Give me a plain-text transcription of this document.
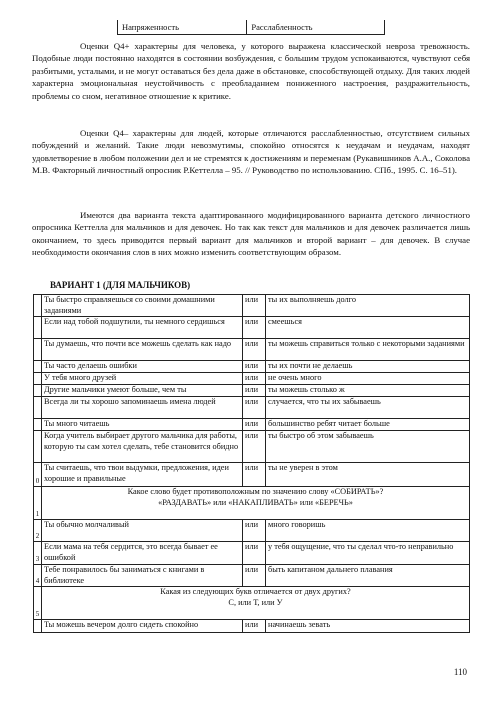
Напряженность	Расслабленность

Оценки Q4+ характерны для человека, у которого выражена классической невроза тревожность. Подобные люди постоянно находятся в состоянии возбуждения, с большим трудом успокаиваются, чувствуют себя разбитыми, усталыми, и не могут оставаться без дела даже в обстановке, способствующей отдыху. Для таких людей характерна эмоциональная неустойчивость с преобладанием пониженного настроения, раздражительность, проблемы со сном, негативное отношение к критике.

Оценки Q4– характерны для людей, которые отличаются расслабленностью, отсутствием сильных побуждений и желаний. Такие люди невозмутимы, спокойно относятся к неудачам и неудачам, находят удовлетворение в любом положении дел и не стремятся к достижениям и переменам (Рукавишников А.А., Соколова М.В. Факторный личностный опросник Р.Кеттелла – 95. // Руководство по использованию. СПб., 1995. С. 16–51).

Имеются два варианта текста адаптированного модифицированного варианта детского личностного опросника Кеттелла для мальчиков и для девочек. Но так как текст для мальчиков и для девочек различается лишь окончанием, то здесь приводится первый вариант для мальчиков и второй вариант – для девочек. В случае необходимости окончания слов в них можно изменить соответствующим образом.

ВАРИАНТ 1 (ДЛЯ МАЛЬЧИКОВ)

	Ты быстро справляешься со своими домашними заданиями	или	ты их выполняешь долго
	Если над тобой подшутили, ты немного сердишься	или	смеешься
	Ты думаешь, что почти все можешь сделать как надо	или	ты можешь справиться только с некоторыми заданиями
	Ты часто делаешь ошибки	или	ты их почти не делаешь
	У тебя много друзей	или	не очень много
	Другие мальчики умеют больше, чем ты	или	ты можешь столько ж
	Всегда ли ты хорошо запоминаешь имена людей	или	случается, что ты их забываешь
	Ты много читаешь	или	большинство ребят читает больше
	Когда учитель выбирает другого мальчика для работы, которую ты сам хотел сделать, тебе становится обидно	или	ты быстро об этом забываешь
0	Ты считаешь, что твои выдумки, предложения, идеи хорошие и правильные	или	ты не уверен в этом
1	Какое слово будет противоположным по значению слову «СОБИРАТЬ»?
«РАЗДАВАТЬ» или «НАКАПЛИВАТЬ» или «БЕРЕЧЬ»		

2	Ты обычно молчаливый	или	много говоришь
3	Если мама на тебя сердится, это всегда бывает ее ошибкой	или	у тебя ощущение, что ты сделал что-то неправильно
4	Тебе понравилось бы заниматься с книгами в библиотеке	или	быть капитаном дальнего плавания
5	Какая из следующих букв отличается от двух других?
С, или Т, или У		

	Ты можешь вечером долго сидеть спокойно	или	начинаешь зевать
110
